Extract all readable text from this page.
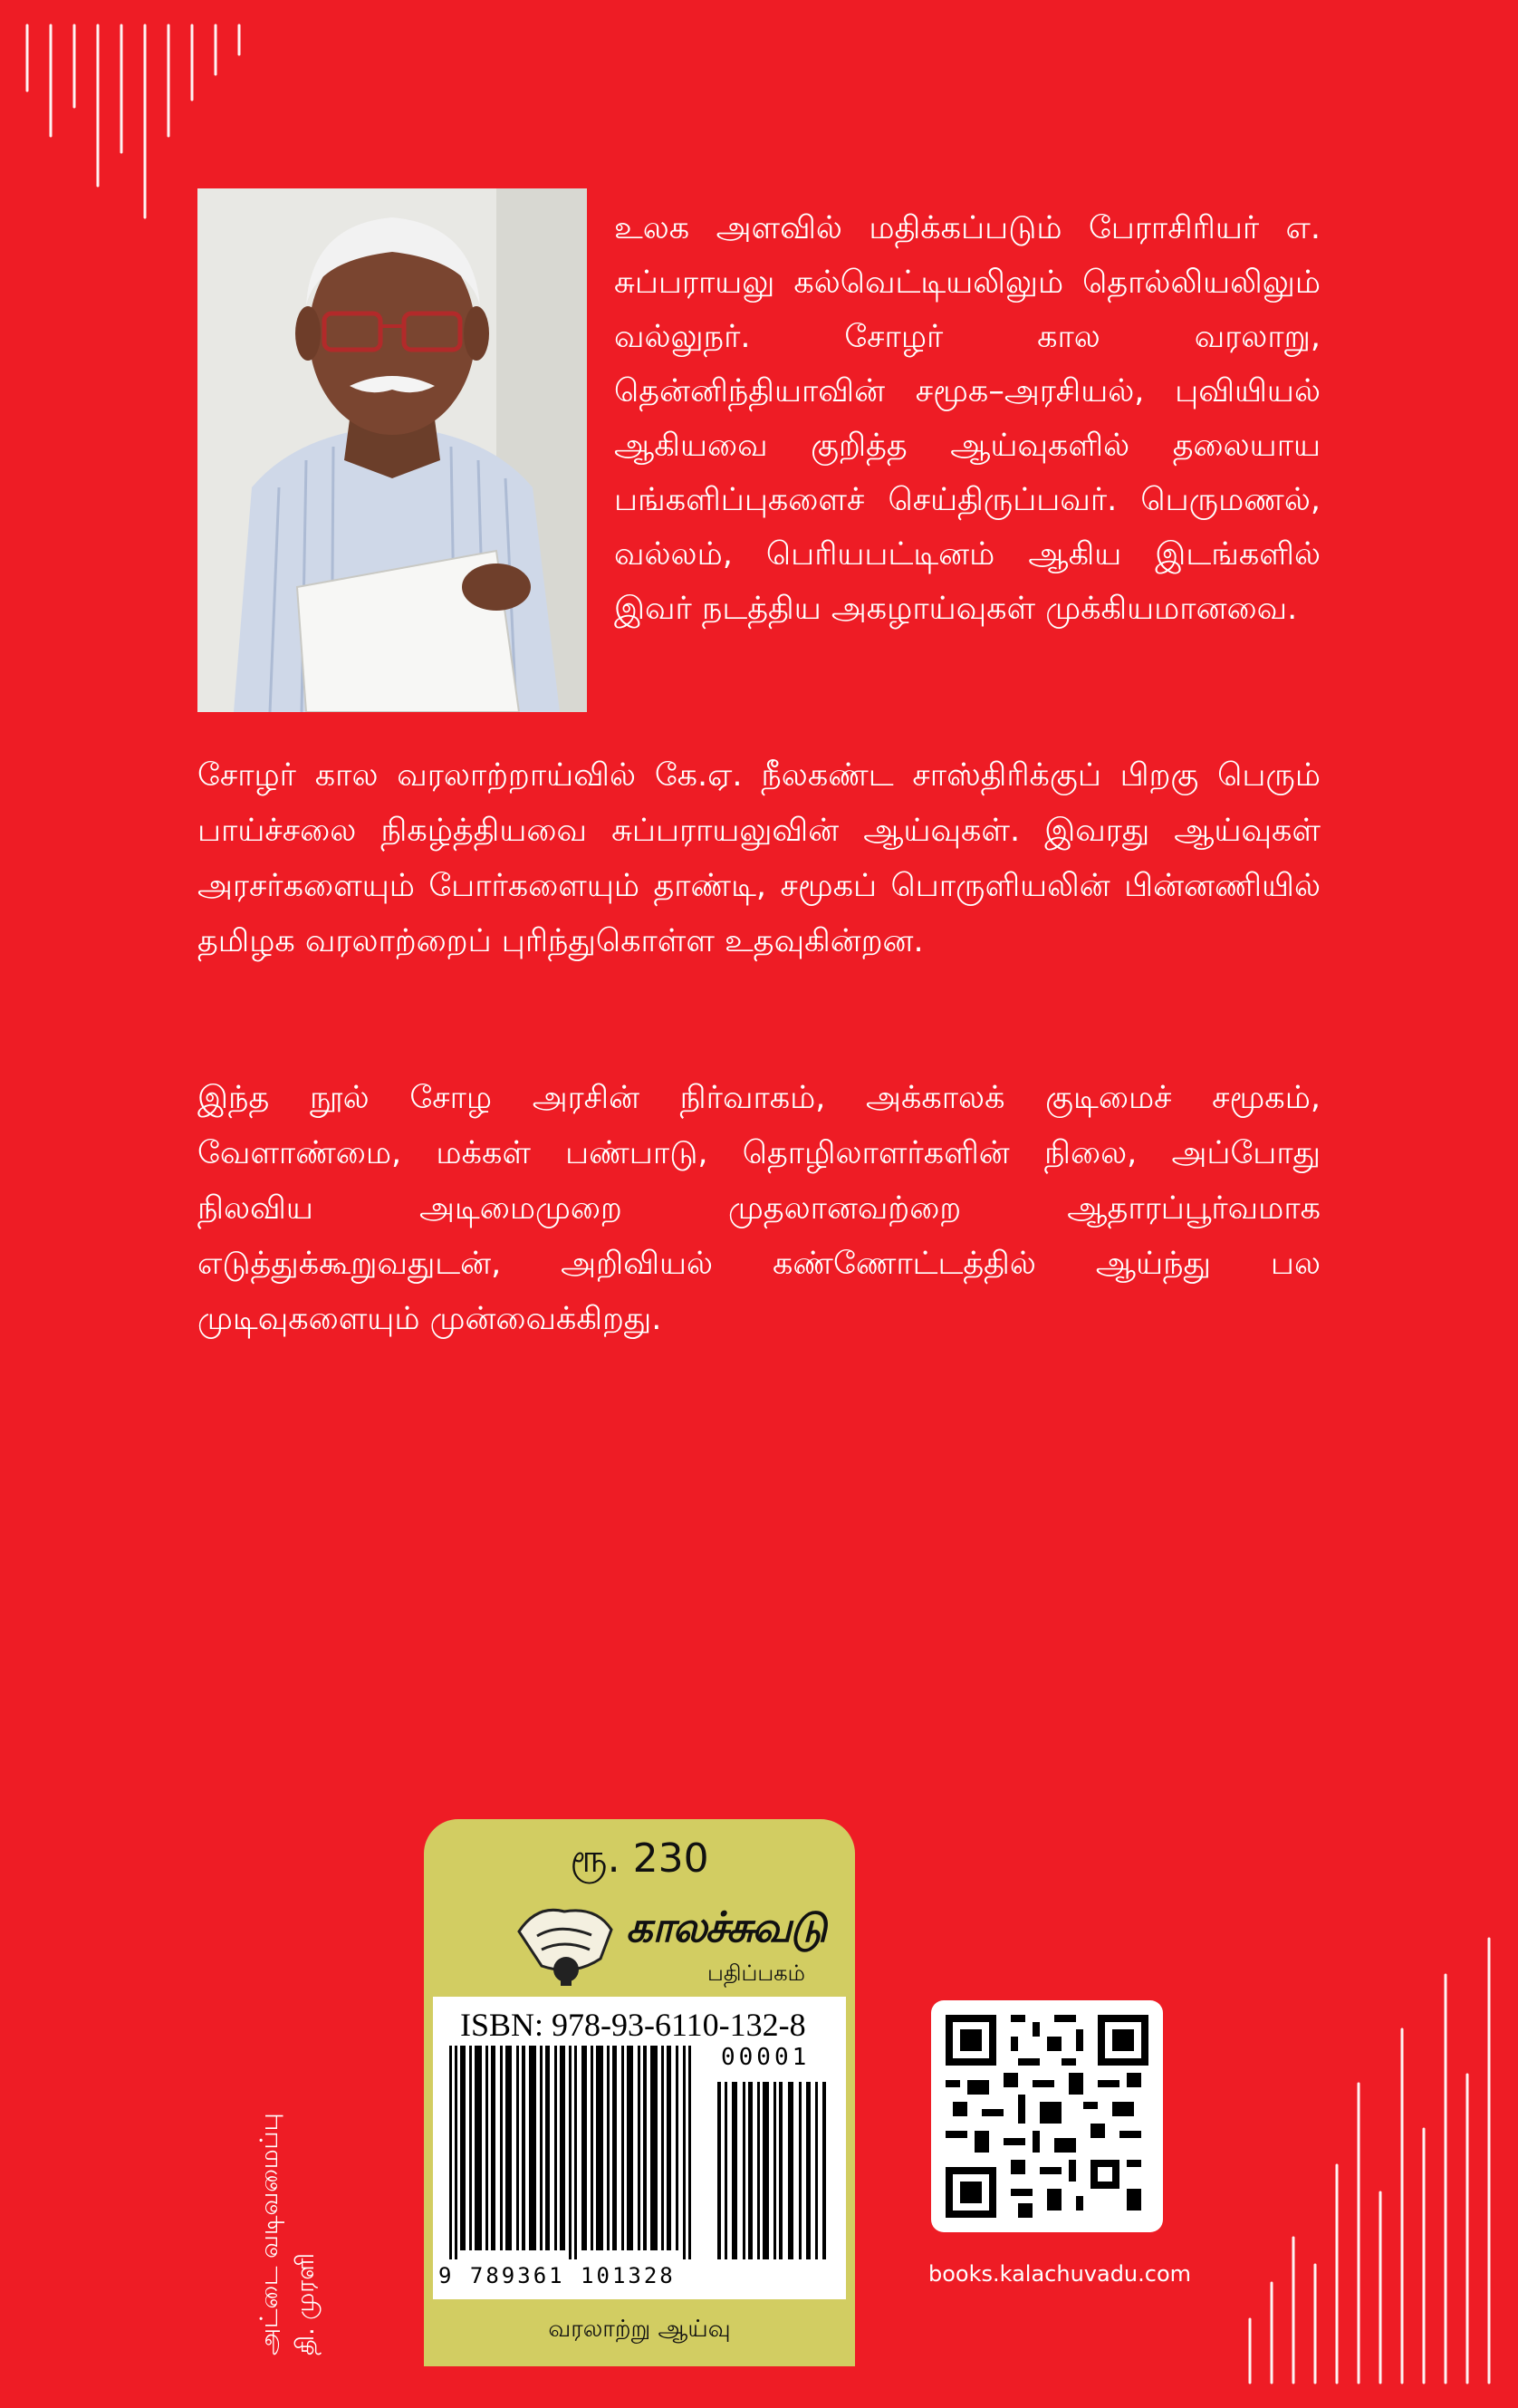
உலக அளவில் மதிக்கப்படும் பேராசிரியர் எ. சுப்பராயலு கல்வெட்டியலிலும் தொல்லியலிலும் வல்லுநர். சோழர் கால வரலாறு, தென்னிந்தியாவின் சமூக–அரசியல், புவியியல் ஆகியவை குறித்த ஆய்வுகளில் தலையாய பங்களிப்புகளைச் செய்திருப்பவர். பெருமணல், வல்லம், பெரியபட்டினம் ஆகிய இடங்களில் இவர் நடத்திய அகழாய்வுகள் முக்கியமானவை.
சோழர் கால வரலாற்றாய்வில் கே.ஏ. நீலகண்ட சாஸ்திரிக்குப் பிறகு பெரும் பாய்ச்சலை நிகழ்த்தியவை சுப்பராயலுவின் ஆய்வுகள். இவரது ஆய்வுகள் அரசர்களையும் போர்களையும் தாண்டி, சமூகப் பொருளியலின் பின்னணியில் தமிழக வரலாற்றைப் புரிந்துகொள்ள உதவுகின்றன.
இந்த நூல் சோழ அரசின் நிர்வாகம், அக்காலக் குடிமைச் சமூகம், வேளாண்மை, மக்கள் பண்பாடு, தொழிலாளர்களின் நிலை, அப்போது நிலவிய அடிமைமுறை முதலானவற்றை ஆதாரப்பூர்வமாக எடுத்துக்கூறுவதுடன், அறிவியல் கண்ணோட்டத்தில் ஆய்ந்து பல முடிவுகளையும் முன்வைக்கிறது.
ரூ. 230
காலச்சுவடு
பதிப்பகம்
ISBN: 978-93-6110-132-8
00001
9 789361 101328
வரலாற்று ஆய்வு
அட்டை வடிவமைப்பு தி. முரளி	books.kalachuvadu.com
